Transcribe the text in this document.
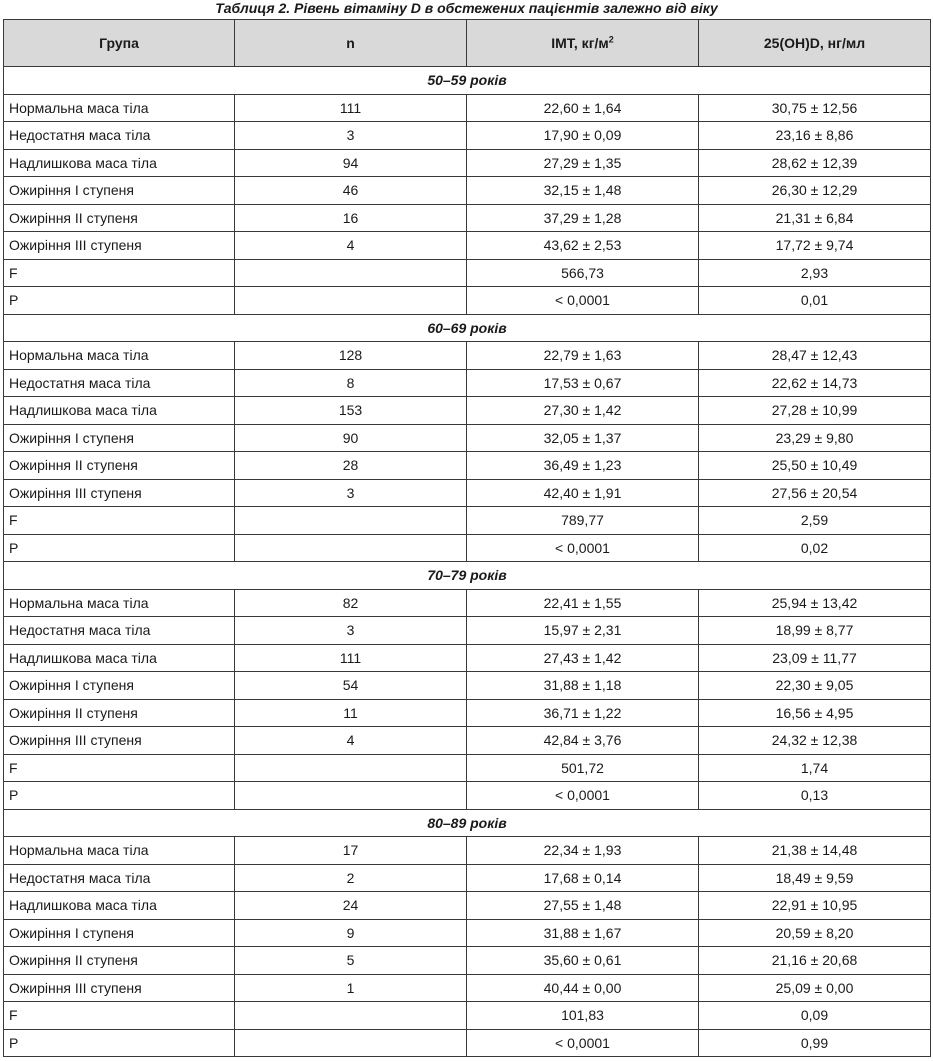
Таблиця 2. Рівень вітаміну D в обстежених пацієнтів залежно від віку
Група	n	ІМТ, $кг/м^2$	25(OH)D, нг/мл
50–59 років			
Нормальна маса тіла	111	22,60 ± 1,64	30,75 ± 12,56
Недостатня маса тіла	3	17,90 ± 0,09	23,16 ± 8,86
Надлишкова маса тіла	94	27,29 ± 1,35	28,62 ± 12,39
Ожиріння I ступеня	46	32,15 ± 1,48	26,30 ± 12,29
Ожиріння II ступеня	16	37,29 ± 1,28	21,31 ± 6,84
Ожиріння III ступеня	4	43,62 ± 2,53	17,72 ± 9,74
F		566,73	2,93
P		< 0,0001	0,01
60–69 років			
Нормальна маса тіла	128	22,79 ± 1,63	28,47 ± 12,43
Недостатня маса тіла	8	17,53 ± 0,67	22,62 ± 14,73
Надлишкова маса тіла	153	27,30 ± 1,42	27,28 ± 10,99
Ожиріння I ступеня	90	32,05 ± 1,37	23,29 ± 9,80
Ожиріння II ступеня	28	36,49 ± 1,23	25,50 ± 10,49
Ожиріння III ступеня	3	42,40 ± 1,91	27,56 ± 20,54
F		789,77	2,59
P		< 0,0001	0,02
70–79 років			
Нормальна маса тіла	82	22,41 ± 1,55	25,94 ± 13,42
Недостатня маса тіла	3	15,97 ± 2,31	18,99 ± 8,77
Надлишкова маса тіла	111	27,43 ± 1,42	23,09 ± 11,77
Ожиріння I ступеня	54	31,88 ± 1,18	22,30 ± 9,05
Ожиріння II ступеня	11	36,71 ± 1,22	16,56 ± 4,95
Ожиріння III ступеня	4	42,84 ± 3,76	24,32 ± 12,38
F		501,72	1,74
P		< 0,0001	0,13
80–89 років			
Нормальна маса тіла	17	22,34 ± 1,93	21,38 ± 14,48
Недостатня маса тіла	2	17,68 ± 0,14	18,49 ± 9,59
Надлишкова маса тіла	24	27,55 ± 1,48	22,91 ± 10,95
Ожиріння I ступеня	9	31,88 ± 1,67	20,59 ± 8,20
Ожиріння II ступеня	5	35,60 ± 0,61	21,16 ± 20,68
Ожиріння III ступеня	1	40,44 ± 0,00	25,09 ± 0,00
F		101,83	0,09
P		< 0,0001	0,99
